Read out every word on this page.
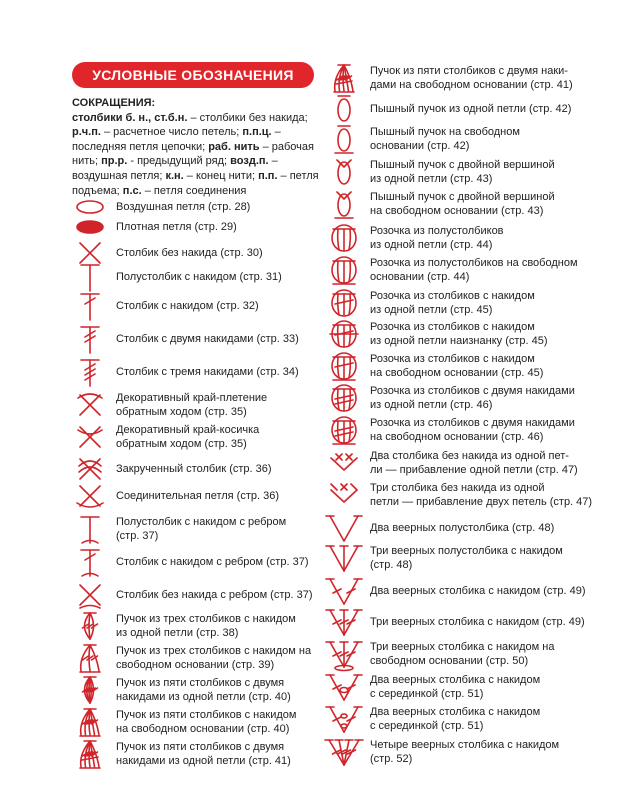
УСЛОВНЫЕ ОБОЗНАЧЕНИЯ ПЕТЕЛЬ
СОКРАЩЕНИЯ:
столбики б. н., ст.б.н. – столбики без накида; р.ч.п. – расчетное число петель; п.п.ц. – последняя петля цепочки; раб. нить – рабочая нить; пр.р. - предыдущий ряд; возд.п. – воздушная петля; к.н. – конец нити; п.п. – петля подъема; п.с. – петля соединения
Воздушная петля (стр. 28)
Плотная петля (стр. 29)
Столбик без накида (стр. 30)
Полустолбик с накидом (стр. 31)
Столбик с накидом (стр. 32)
Столбик с двумя накидами (стр. 33)
Столбик с тремя накидами (стр. 34)
Декоративный край-плетение
обратным ходом (стр. 35)
Декоративный край-косичка
обратным ходом (стр. 35)
Закрученный столбик (стр. 36)
Соединительная петля (стр. 36)
Полустолбик с накидом с ребром
(стр. 37)
Столбик с накидом с ребром (стр. 37)
Столбик без накида с ребром (стр. 37)
Пучок из трех столбиков с накидом
из одной петли (стр. 38)
Пучок из трех столбиков с накидом на
свободном основании (стр. 39)
Пучок из пяти столбиков с двумя
накидами из одной петли (стр. 40)
Пучок из пяти столбиков с накидом
на свободном основании (стр. 40)
Пучок из пяти столбиков с двумя
накидами из одной петли (стр. 41)
Пучок из пяти столбиков с двумя наки-
дами на свободном основании (стр. 41)
Пышный пучок из одной петли (стр. 42)
Пышный пучок на свободном
основании (стр. 42)
Пышный пучок с двойной вершиной
из одной петли (стр. 43)
Пышный пучок с двойной вершиной
на свободном основании (стр. 43)
Розочка из полустолбиков
из одной петли (стр. 44)
Розочка из полустолбиков на свободном
основании (стр. 44)
Розочка из столбиков с накидом
из одной петли (стр. 45)
Розочка из столбиков с накидом
из одной петли наизнанку (стр. 45)
Розочка из столбиков с накидом
на свободном основании (стр. 45)
Розочка из столбиков с двумя накидами
из одной петли (стр. 46)
Розочка из столбиков с двумя накидами
на свободном основании (стр. 46)
Два столбика без накида из одной пет-
ли — прибавление одной петли (стр. 47)
Три столбика без накида из одной
петли — прибавление двух петель (стр. 47)
Два веерных полустолбика (стр. 48)
Три веерных полустолбика с накидом
(стр. 48)
Два веерных столбика с накидом (стр. 49)
Три веерных столбика с накидом (стр. 49)
Три веерных столбика с накидом на
свободном основании (стр. 50)
Два веерных столбика с накидом
с серединкой (стр. 51)
Два веерных столбика с накидом
с серединкой (стр. 51)
Четыре веерных столбика с накидом
(стр. 52)
